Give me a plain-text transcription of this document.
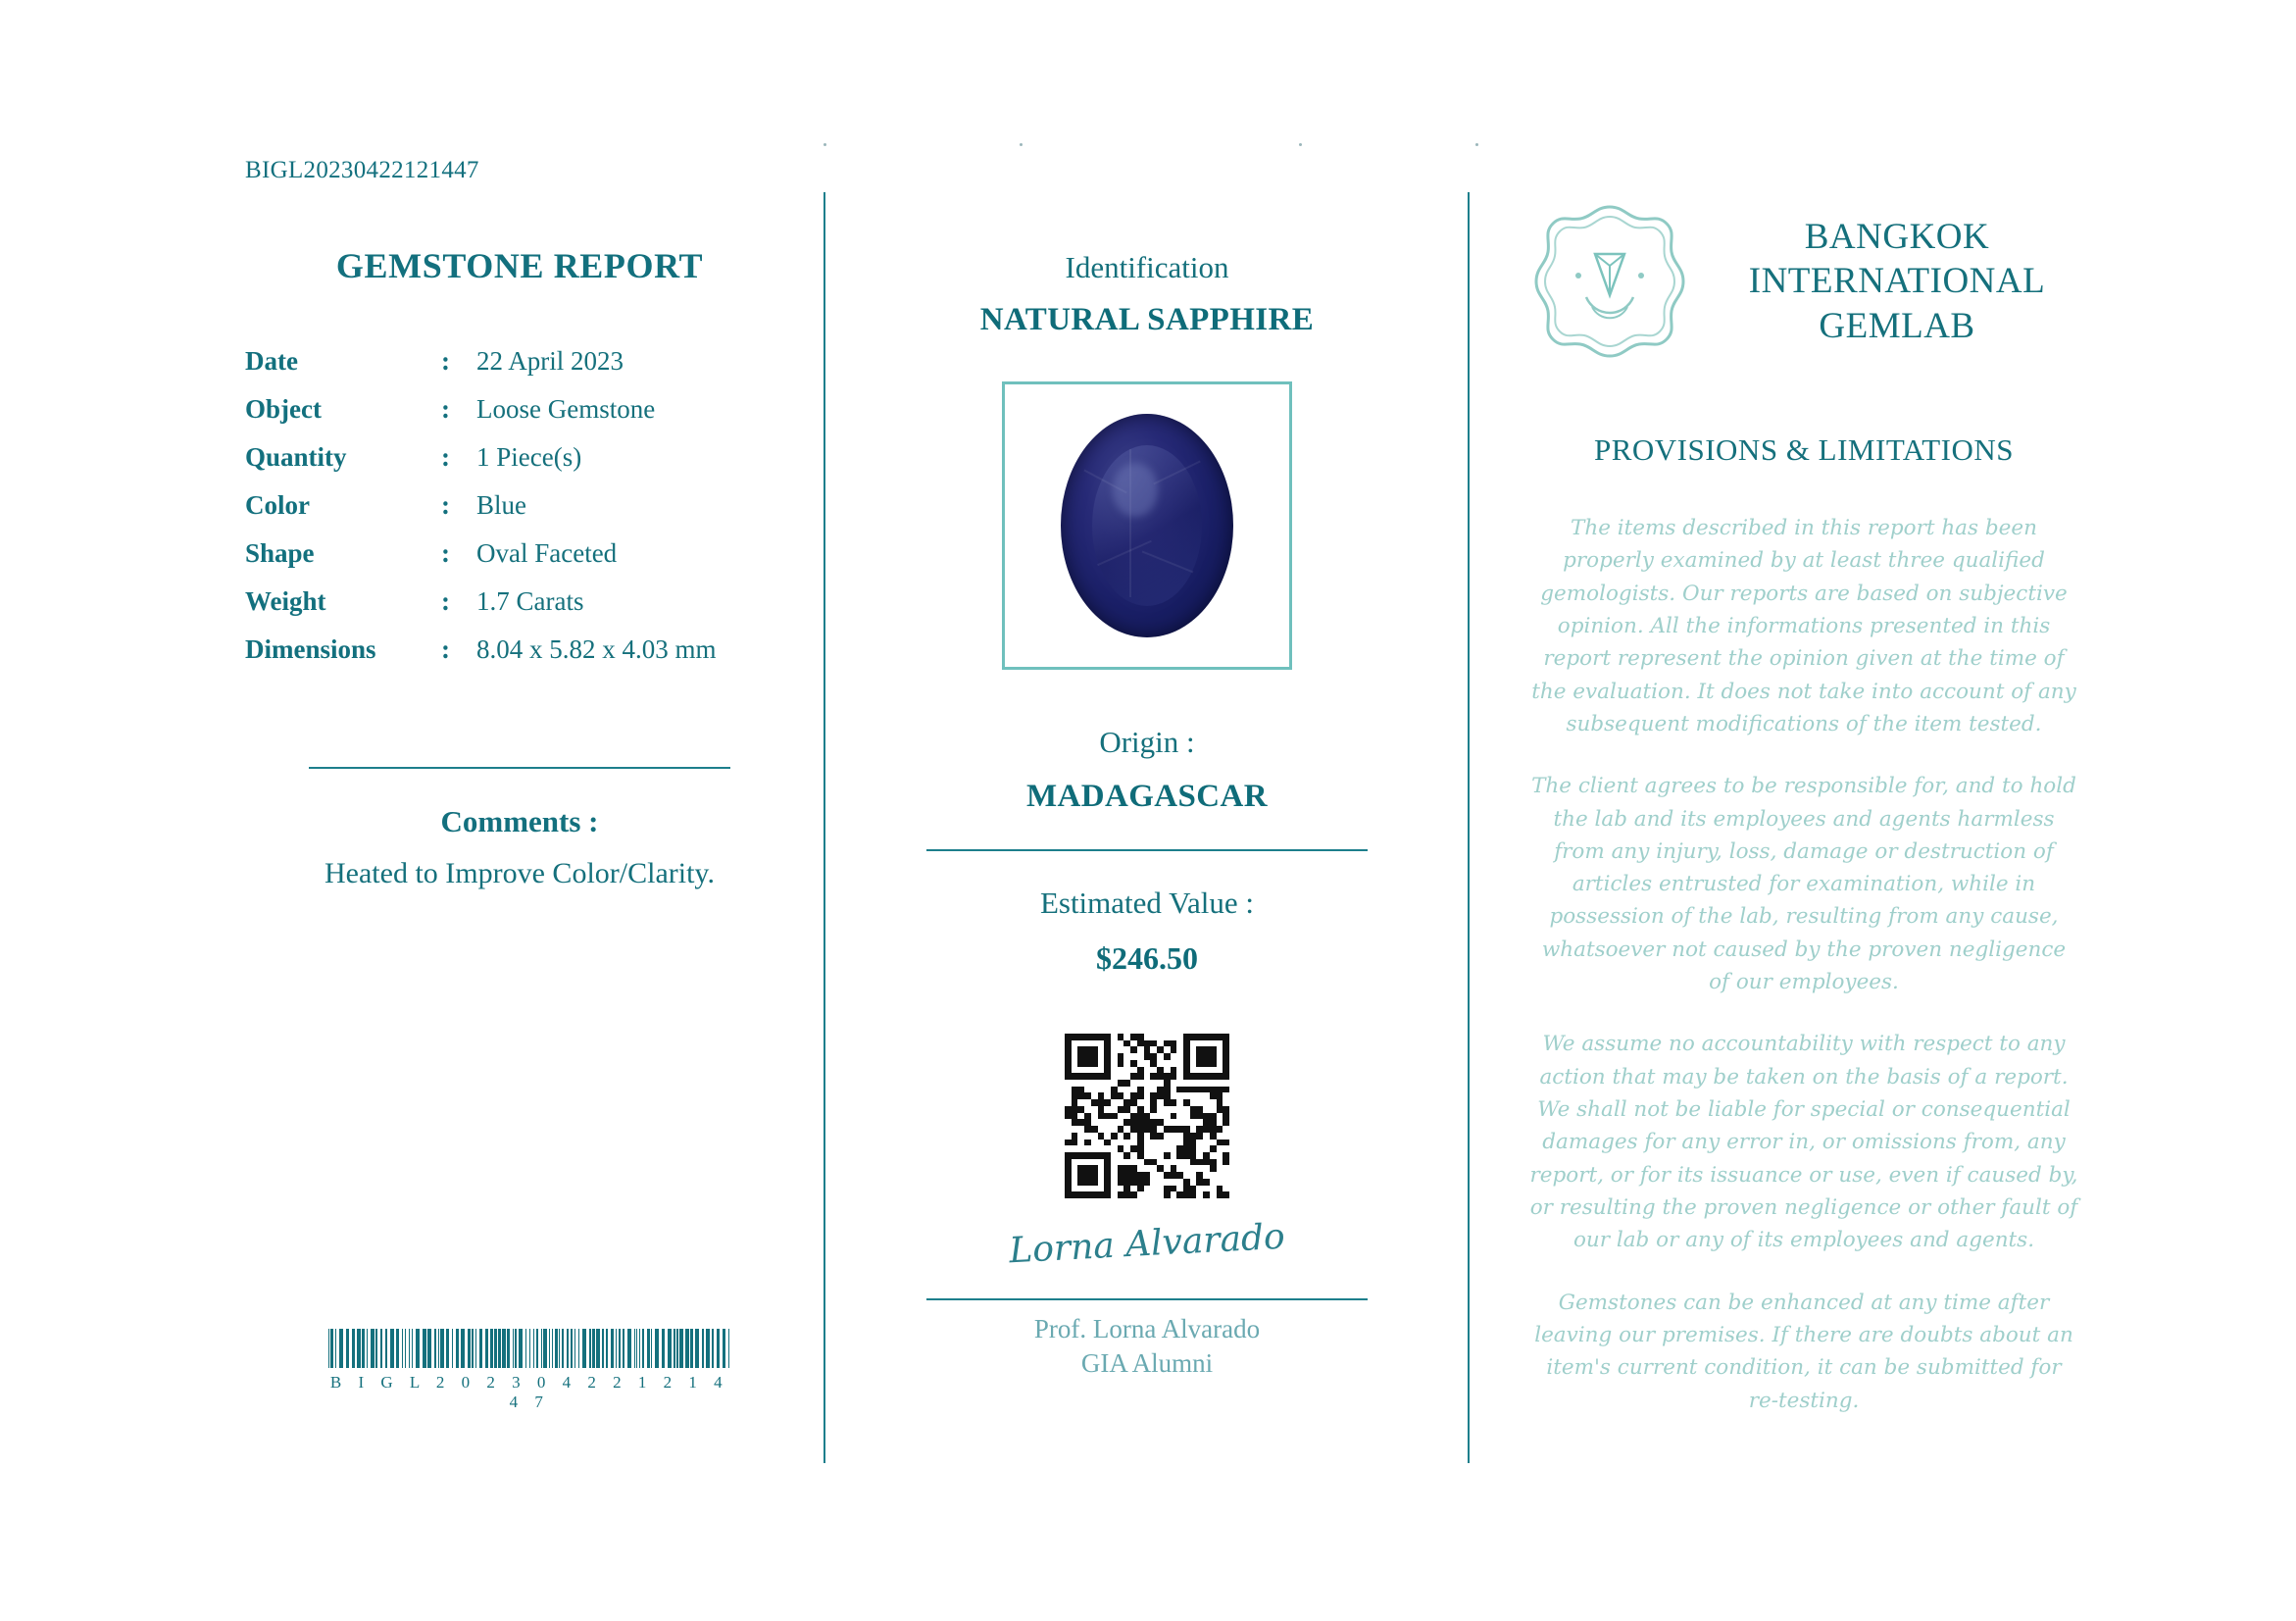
BIGL20230422121447
GEMSTONE REPORT
Date	:	22 April 2023
Object	:	Loose Gemstone
Quantity	:	1 Piece(s)
Color	:	Blue
Shape	:	Oval Faceted
Weight	:	1.7 Carats
Dimensions	:	8.04 x 5.82 x 4.03 mm
Comments :
Heated to Improve Color/Clarity.
B I G L 2 0 2 3 0 4 2 2 1 2 1 4 4 7
Identification
NATURAL SAPPHIRE
Origin :
MADAGASCAR
Estimated Value :
$246.50
Lorna Alvarado
Prof. Lorna Alvarado
GIA Alumni
BANGKOK
INTERNATIONAL
GEMLAB
PROVISIONS & LIMITATIONS
The items described in this report has been properly examined by at least three qualified gemologists. Our reports are based on subjective opinion. All the informations presented in this report represent the opinion given at the time of the evaluation. It does not take into account of any subsequent modifications of the item tested.
The client agrees to be responsible for, and to hold the lab and its employees and agents harmless from any injury, loss, damage or destruction of articles entrusted for examination, while in possession of the lab, resulting from any cause, whatsoever not caused by the proven negligence of our employees.
We assume no accountability with respect to any action that may be taken on the basis of a report. We shall not be liable for special or consequential damages for any error in, or omissions from, any report, or for its issuance or use, even if caused by, or resulting the proven negligence or other fault of our lab or any of its employees and agents.
Gemstones can be enhanced at any time after leaving our premises. If there are doubts about an item's current condition, it can be submitted for re-testing.
